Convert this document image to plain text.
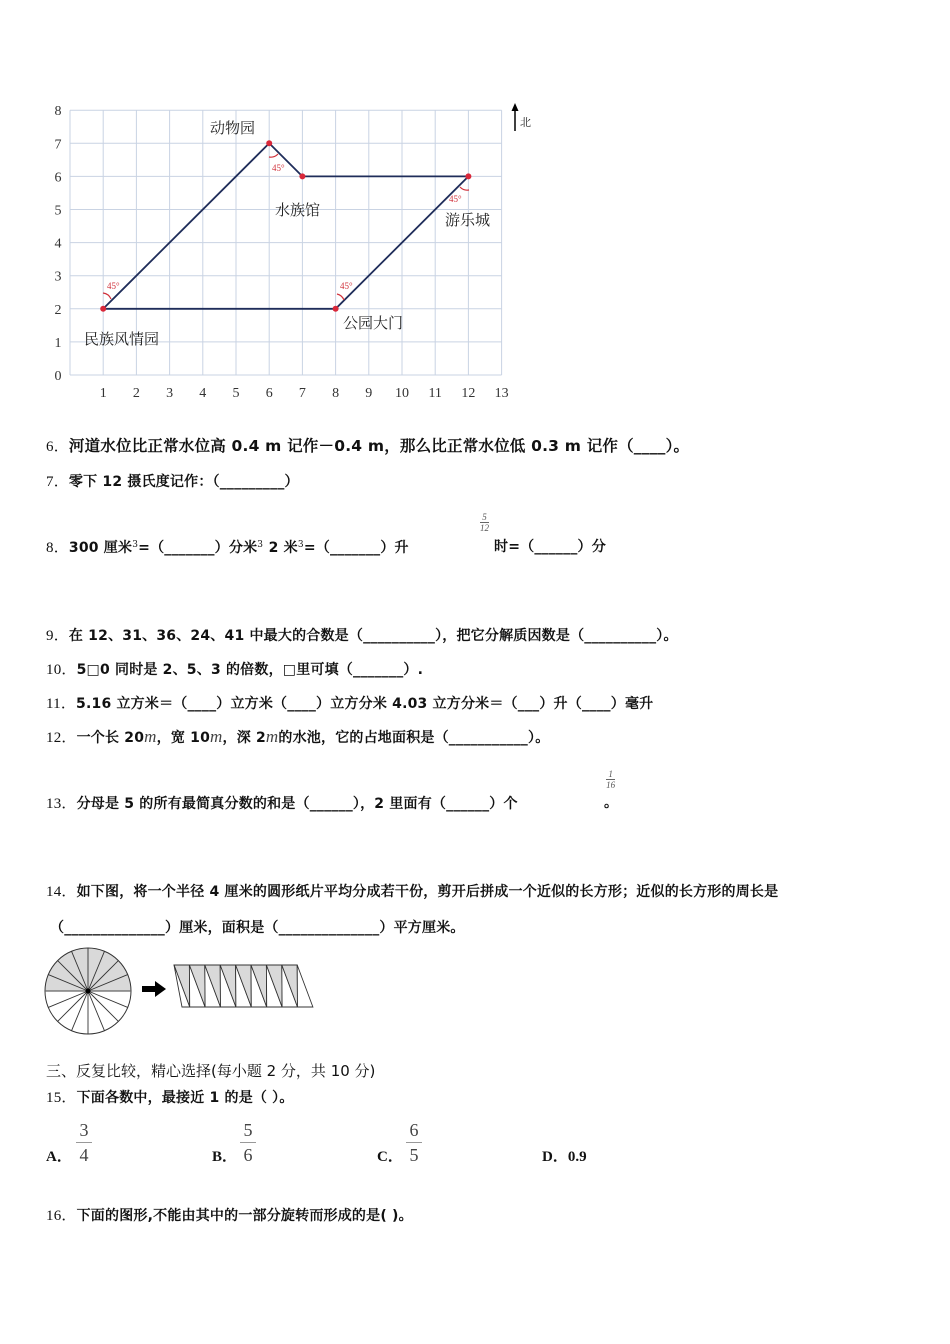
1 2 3 4 5 6 7 8 9 10 11 12 13
0
1
2
3
4
5
6
7
8
北
动物园
水族馆
游乐城
公园大门
民族风情园
45°	45°
45°
45°
6．河道水位比正常水位高 0.4 m 记作－0.4 m，那么比正常水位低 0.3 m 记作（____）。
7．零下 12 摄氏度记作：（_________）
8．300 厘米$^3$=（_______）分米$^3$ 2 米$^3$=（_______）升
$\frac{5}{12}$

时=（______）分
9．在 12、31、36、24、41 中最大的合数是（__________），把它分解质因数是（__________）。
10．5□0 同时是 2、5、3 的倍数，□里可填（_______）.
11．5.16 立方米＝（____）立方米（____）立方分米 4.03 立方分米＝（___）升（____）毫升
12．一个长 20m，宽 10m，深 2m的水池，它的占地面积是（___________）。
13．分母是 5 的所有最简真分数的和是（______），2 里面有（______）个
$\frac{1}{16}$
。
14．如下图，将一个半径 4 厘米的圆形纸片平均分成若干份，剪开后拼成一个近似的长方形；近似的长方形的周长是
（______________）厘米，面积是（______________）平方厘米。
三、反复比较，精心选择(每小题 2 分，共 10 分)
15．下面各数中，最接近 1 的是（ ）。
A．
3
4	B．
5
6	C．
6
5	D．0.9
16．下面的图形,不能由其中的一部分旋转而形成的是( )。
